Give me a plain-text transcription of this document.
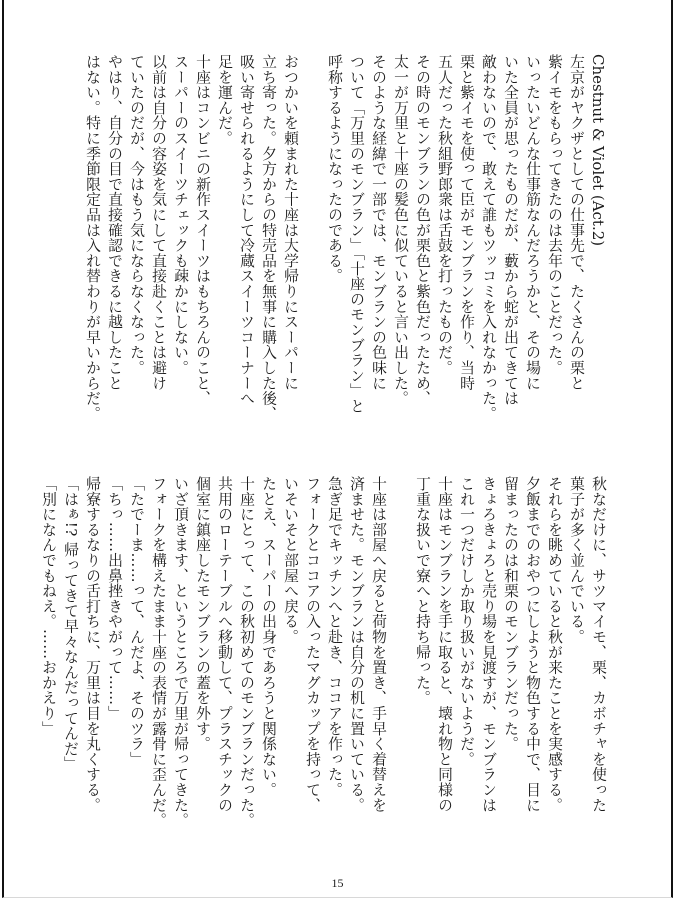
Chestnut & Violet (Act.2)

左京がヤクザとしての仕事先で、たくさんの栗と

紫イモをもらってきたのは去年のことだった。

いったいどんな仕事筋なんだろうかと、その場に

いた全員が思ったものだが、藪から蛇が出てきては

敵わないので、敢えて誰もツッコミを入れなかった。

栗と紫イモを使って臣がモンブランを作り、当時

五人だった秋組野郎衆は舌鼓を打ったものだ。

その時のモンブランの色が栗色と紫色だったため、

太一が万里と十座の髪色に似ていると言い出した。

そのような経緯で一部では、モンブランの色味に

ついて「万里のモンブラン」「十座のモンブラン」と

呼称するようになったのである。

おつかいを頼まれた十座は大学帰りにスーパーに

立ち寄った。夕方からの特売品を無事に購入した後、

吸い寄せられるようにして冷蔵スイーツコーナーへ

足を運んだ。

十座はコンビニの新作スイーツはもちろんのこと、

スーパーのスイーツチェックも疎かにしない。

以前は自分の容姿を気にして直接赴くことは避け

ていたのだが、今はもう気にならなくなった。

やはり、自分の目で直接確認できるに越したこと

はない。特に季節限定品は入れ替わりが早いからだ。

秋なだけに、サツマイモ、栗、カボチャを使った

菓子が多く並んでいる。

それらを眺めていると秋が来たことを実感する。

夕飯までのおやつにしようと物色する中で、目に

留まったのは和栗のモンブランだった。

きょろきょろと売り場を見渡すが、モンブランは

これ一つだけしか取り扱いがないようだ。

十座はモンブランを手に取ると、壊れ物と同様の

丁重な扱いで寮へと持ち帰った。

十座は部屋へ戻ると荷物を置き、手早く着替えを

済ませた。モンブランは自分の机に置いている。

急ぎ足でキッチンへと赴き、ココアを作った。

フォークとココアの入ったマグカップを持って、

いそいそと部屋へ戻る。

たとえ、スーパーの出身であろうと関係ない。

十座にとって、この秋初めてのモンブランだった。

共用のローテーブルへ移動して、プラスチックの

個室に鎮座したモンブランの蓋を外す。

いざ頂きます、というところで万里が帰ってきた。

フォークを構えたまま十座の表情が露骨に歪んだ。

「たでーま……って、んだよ、そのツラ」

「ちっ……出鼻挫きやがって……」

帰寮するなりの舌打ちに、万里は目を丸くする。

「はぁ!? 帰ってきて早々なんだってんだ」

「別になんでもねえ。……おかえり」

15
